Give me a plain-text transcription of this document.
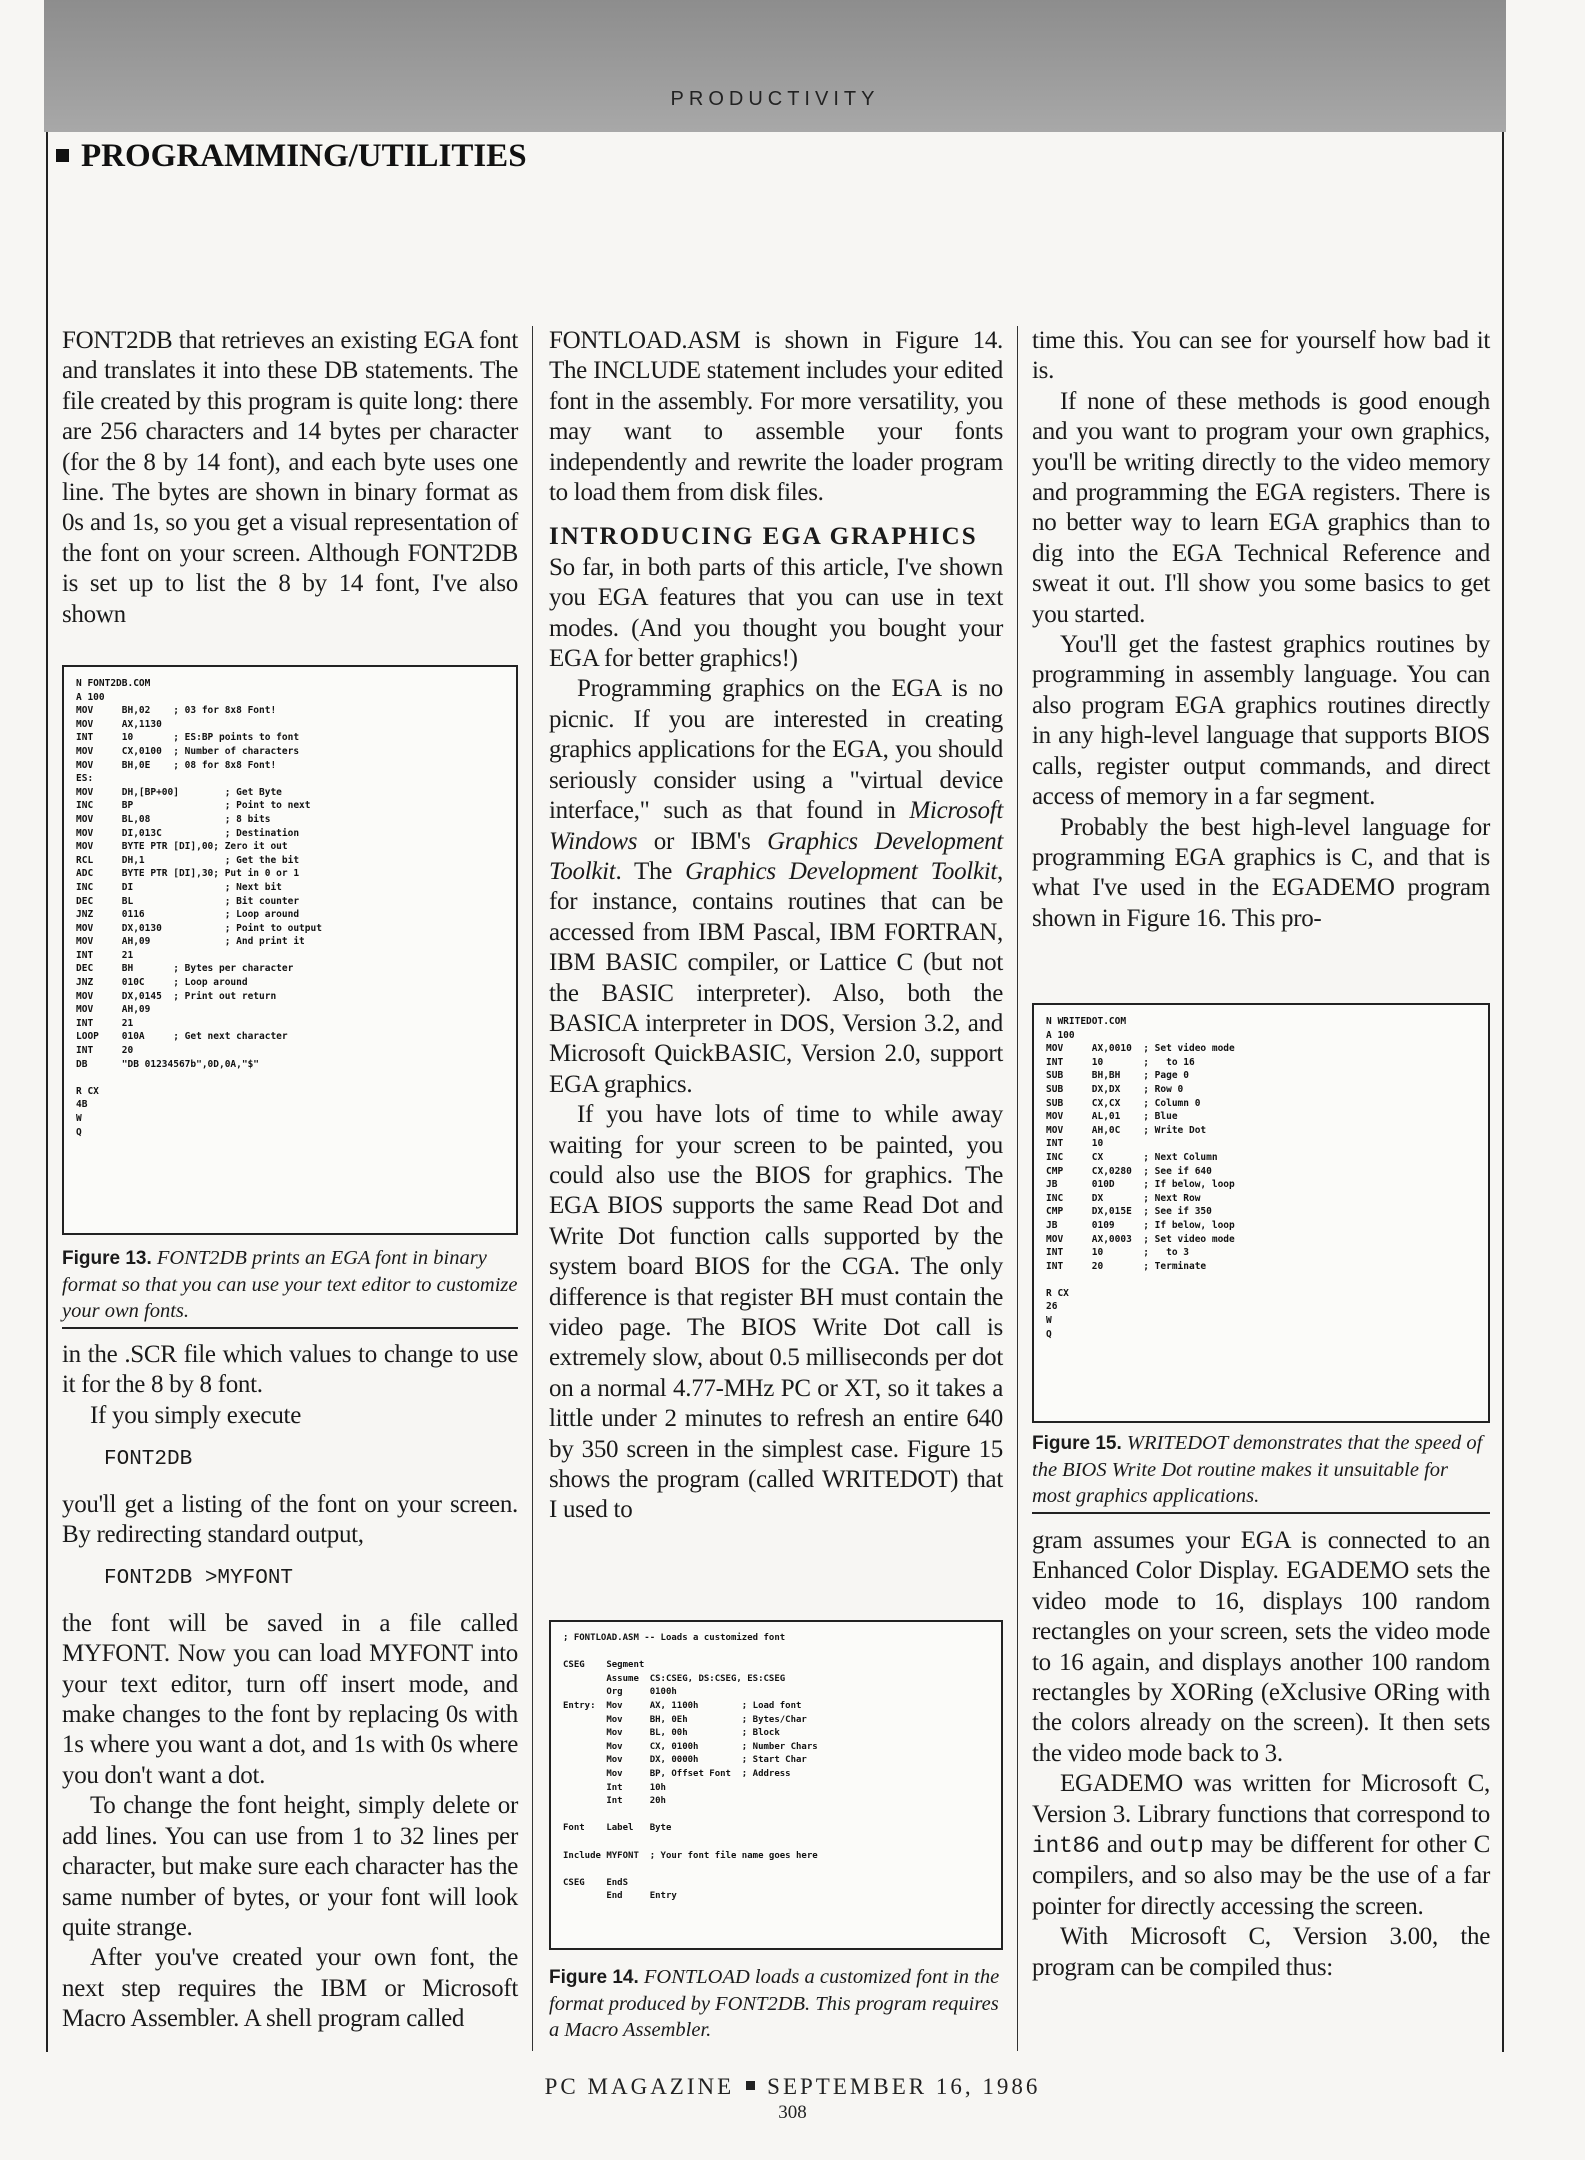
PRODUCTIVITY
PROGRAMMING/UTILITIES

FONT2DB that retrieves an existing EGA font and translates it into these DB statements. The file created by this program is quite long: there are 256 characters and 14 bytes per character (for the 8 by 14 font), and each byte uses one line. The bytes are shown in binary format as 0s and 1s, so you get a visual representation of the font on your screen. Although FONT2DB is set up to list the 8 by 14 font, I've also shown

N FONT2DB.COM
A 100
MOV     BH,02    ; 03 for 8x8 Font!
MOV     AX,1130
INT     10       ; ES:BP points to font
MOV     CX,0100  ; Number of characters
MOV     BH,0E    ; 08 for 8x8 Font!
ES:
MOV     DH,[BP+00]        ; Get Byte
INC     BP                ; Point to next
MOV     BL,08             ; 8 bits
MOV     DI,013C           ; Destination
MOV     BYTE PTR [DI],00; Zero it out
RCL     DH,1              ; Get the bit
ADC     BYTE PTR [DI],30; Put in 0 or 1
INC     DI                ; Next bit
DEC     BL                ; Bit counter
JNZ     0116              ; Loop around
MOV     DX,0130           ; Point to output
MOV     AH,09             ; And print it
INT     21
DEC     BH       ; Bytes per character
JNZ     010C     ; Loop around
MOV     DX,0145  ; Print out return
MOV     AH,09
INT     21
LOOP    010A     ; Get next character
INT     20
DB      "DB 01234567b",0D,0A,"$"

R CX
4B
W
Q
Figure 13. FONT2DB prints an EGA font in binary format so that you can use your text editor to customize your own fonts.

in the .SCR file which values to change to use it for the 8 by 8 font.

If you simply execute

FONT2DB

you'll get a listing of the font on your screen. By redirecting standard output,

FONT2DB >MYFONT

the font will be saved in a file called MYFONT. Now you can load MYFONT into your text editor, turn off insert mode, and make changes to the font by replacing 0s with 1s where you want a dot, and 1s with 0s where you don't want a dot.

To change the font height, simply delete or add lines. You can use from 1 to 32 lines per character, but make sure each character has the same number of bytes, or your font will look quite strange.

After you've created your own font, the next step requires the IBM or Microsoft Macro Assembler. A shell program called

FONTLOAD.ASM is shown in Figure 14. The INCLUDE statement includes your edited font in the assembly. For more versatility, you may want to assemble your fonts independently and rewrite the loader program to load them from disk files.

INTRODUCING EGA GRAPHICS

So far, in both parts of this article, I've shown you EGA features that you can use in text modes. (And you thought you bought your EGA for better graphics!)

Programming graphics on the EGA is no picnic. If you are interested in creating graphics applications for the EGA, you should seriously consider using a "virtual device interface," such as that found in Microsoft Windows or IBM's Graphics Development Toolkit. The Graphics Development Toolkit, for instance, contains routines that can be accessed from IBM Pascal, IBM FORTRAN, IBM BASIC compiler, or Lattice C (but not the BASIC interpreter). Also, both the BASICA interpreter in DOS, Version 3.2, and Microsoft QuickBASIC, Version 2.0, support EGA graphics.

If you have lots of time to while away waiting for your screen to be painted, you could also use the BIOS for graphics. The EGA BIOS supports the same Read Dot and Write Dot function calls supported by the system board BIOS for the CGA. The only difference is that register BH must contain the video page. The BIOS Write Dot call is extremely slow, about 0.5 milliseconds per dot on a normal 4.77-MHz PC or XT, so it takes a little under 2 minutes to refresh an entire 640 by 350 screen in the simplest case. Figure 15 shows the program (called WRITEDOT) that I used to

; FONTLOAD.ASM -- Loads a customized font

CSEG    Segment
Assume  CS:CSEG, DS:CSEG, ES:CSEG
Org     0100h
Entry:  Mov     AX, 1100h        ; Load font
Mov     BH, 0Eh          ; Bytes/Char
Mov     BL, 00h          ; Block
Mov     CX, 0100h        ; Number Chars
Mov     DX, 0000h        ; Start Char
Mov     BP, Offset Font  ; Address
Int     10h
Int     20h

Font    Label   Byte

Include MYFONT  ; Your font file name goes here

CSEG    EndS
End     Entry
Figure 14. FONTLOAD loads a customized font in the format produced by FONT2DB. This program requires a Macro Assembler.

time this. You can see for yourself how bad it is.

If none of these methods is good enough and you want to program your own graphics, you'll be writing directly to the video memory and programming the EGA registers. There is no better way to learn EGA graphics than to dig into the EGA Technical Reference and sweat it out. I'll show you some basics to get you started.

You'll get the fastest graphics routines by programming in assembly language. You can also program EGA graphics routines directly in any high-level language that supports BIOS calls, register output commands, and direct access of memory in a far segment.

Probably the best high-level language for programming EGA graphics is C, and that is what I've used in the EGADEMO program shown in Figure 16. This pro-

N WRITEDOT.COM
A 100
MOV     AX,0010  ; Set video mode
INT     10       ;   to 16
SUB     BH,BH    ; Page 0
SUB     DX,DX    ; Row 0
SUB     CX,CX    ; Column 0
MOV     AL,01    ; Blue
MOV     AH,0C    ; Write Dot
INT     10
INC     CX       ; Next Column
CMP     CX,0280  ; See if 640
JB      010D     ; If below, loop
INC     DX       ; Next Row
CMP     DX,015E  ; See if 350
JB      0109     ; If below, loop
MOV     AX,0003  ; Set video mode
INT     10       ;   to 3
INT     20       ; Terminate

R CX
26
W
Q
Figure 15. WRITEDOT demonstrates that the speed of the BIOS Write Dot routine makes it unsuitable for most graphics applications.

gram assumes your EGA is connected to an Enhanced Color Display. EGADEMO sets the video mode to 16, displays 100 random rectangles on your screen, sets the video mode to 16 again, and displays another 100 random rectangles by XORing (eXclusive ORing with the colors already on the screen). It then sets the video mode back to 3.

EGADEMO was written for Microsoft C, Version 3. Library functions that correspond to int86 and outp may be different for other C compilers, and so also may be the use of a far pointer for directly accessing the screen.

With Microsoft C, Version 3.00, the program can be compiled thus:

PC MAGAZINE SEPTEMBER 16, 1986
308
